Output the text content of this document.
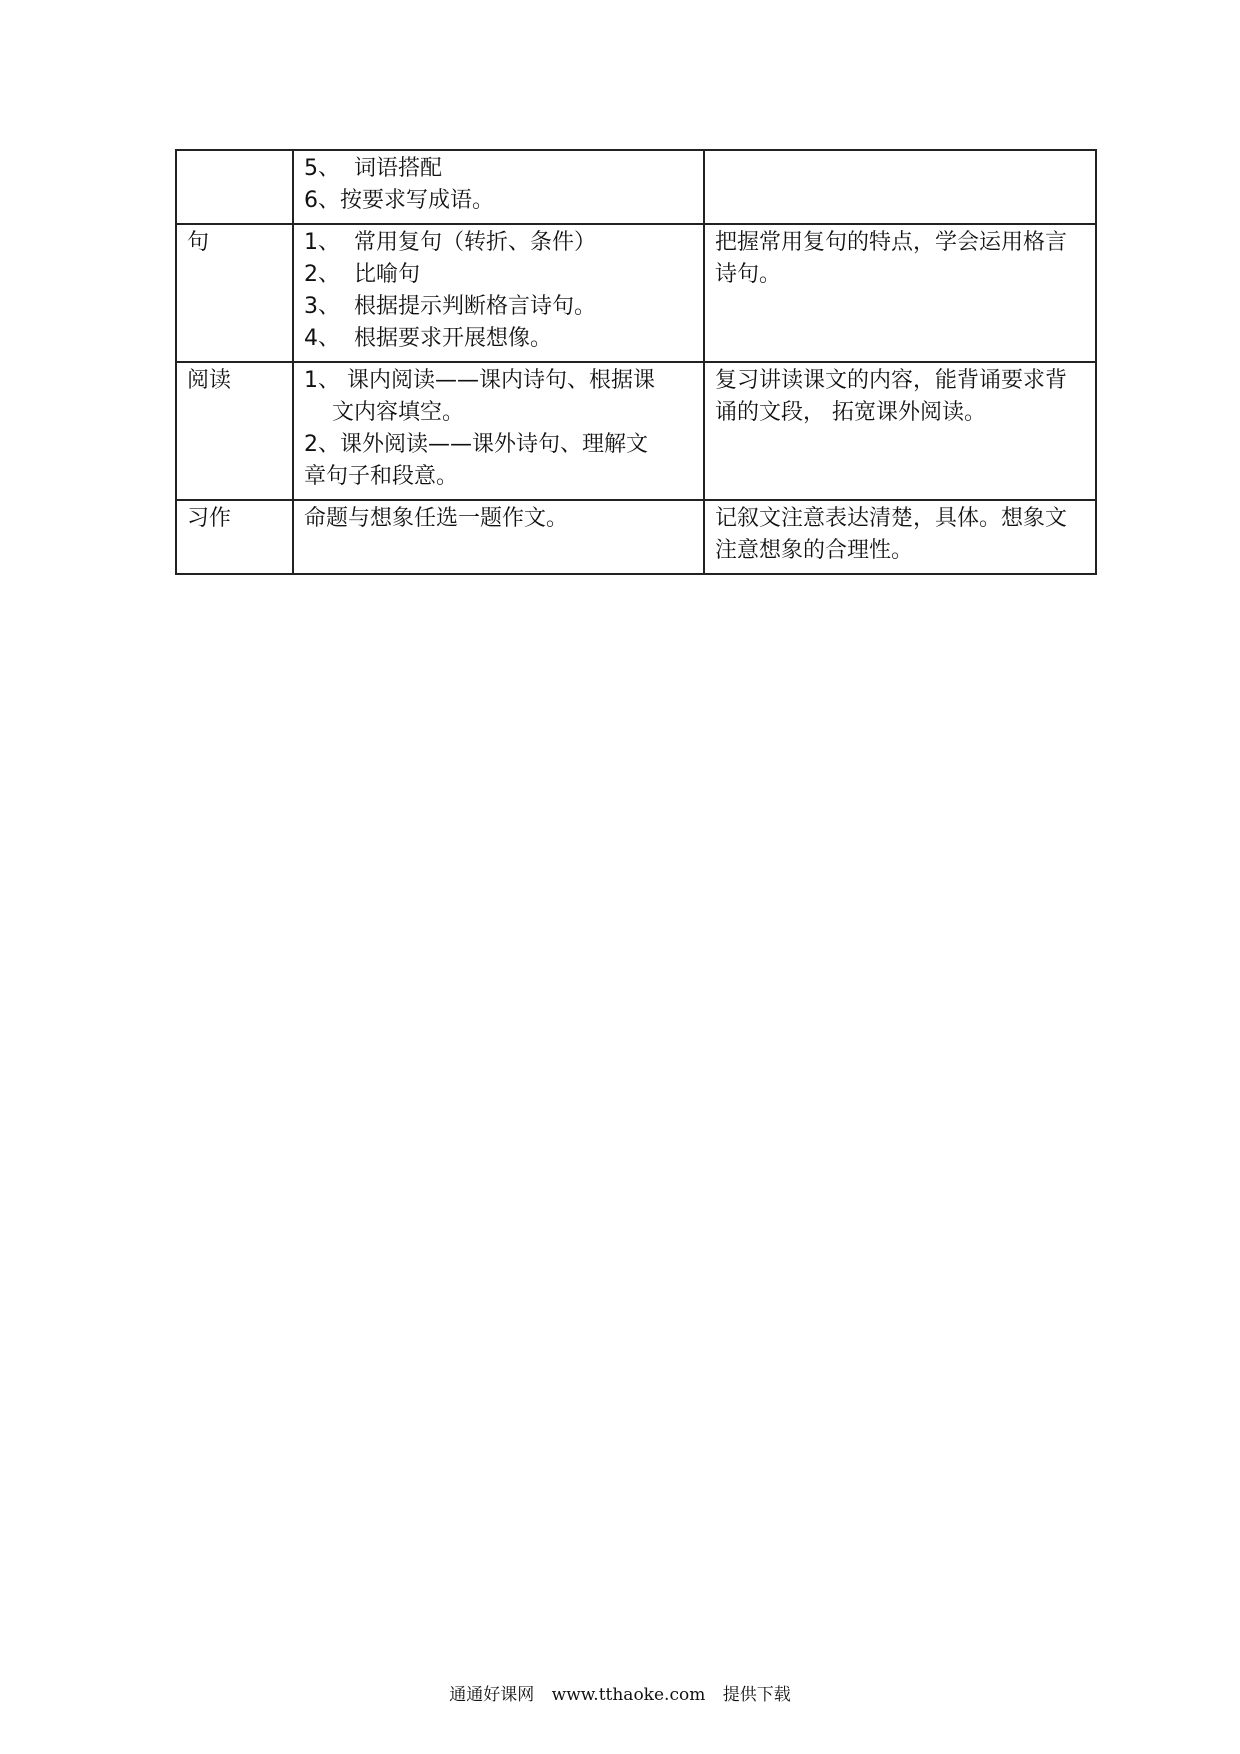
	5、  词语搭配
6、按要求写成语。	

句	1、  常用复句（转折、条件）
2、  比喻句
3、  根据提示判断格言诗句。
4、  根据要求开展想像。	把握常用复句的特点，学会运用格言诗句。
阅读	1、 课内阅读——课内诗句、根据课
文内容填空。
2、课外阅读——课外诗句、理解文
章句子和段意。	复习讲读课文的内容，能背诵要求背诵的文段， 拓宽课外阅读。
习作	命题与想象任选一题作文。	记叙文注意表达清楚，具体。想象文注意想象的合理性。
通通好课网 www.tthaoke.com 提供下载
